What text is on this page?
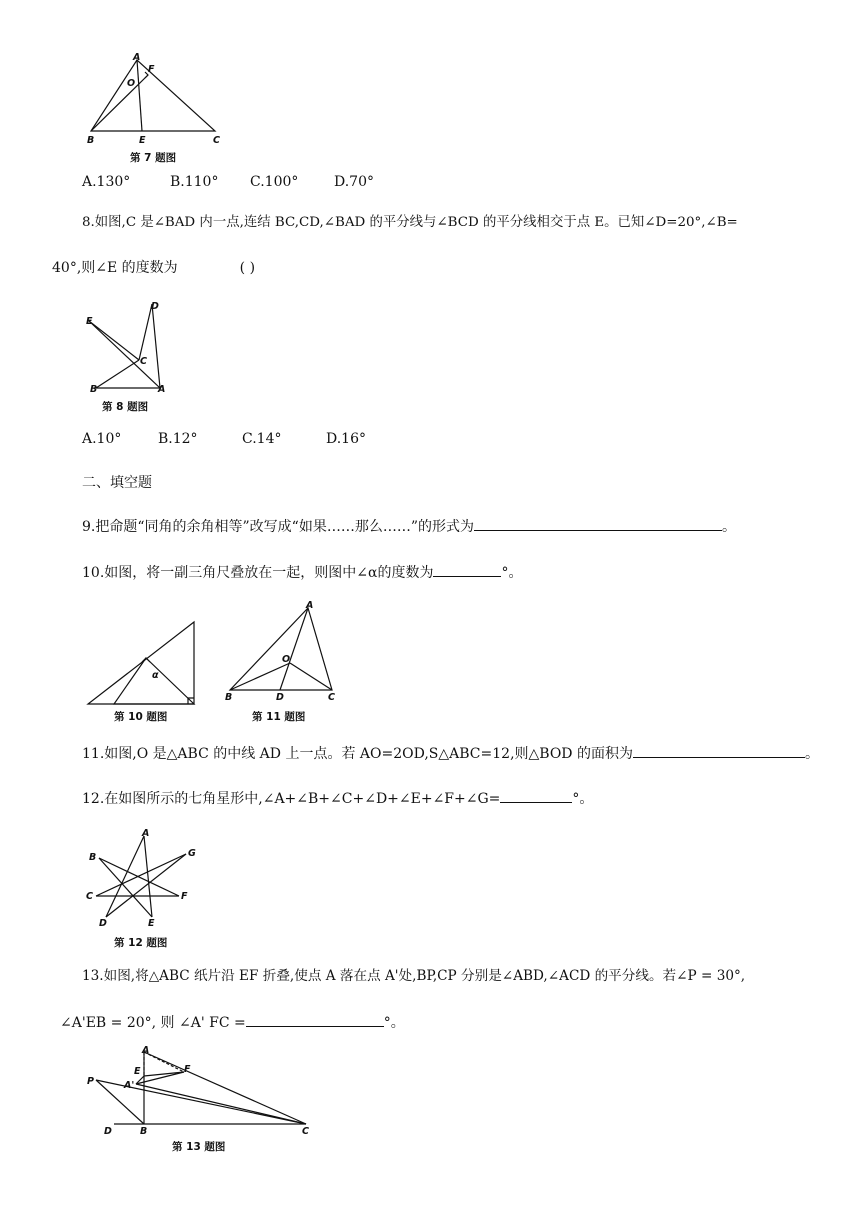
A
F
O
B	E	C
第 7 题图
A.130°	B.110° C.100°	D.70°
8.如图,C 是∠BAD 内一点,连结 BC,CD,∠BAD 的平分线与∠BCD 的平分线相交于点 E。已知∠D=20°,∠B=
40°,则∠E 的度数为	( )
D
E
C
B	A
第 8 题图
A.10°	B.12°	C.14°	D.16°
二、填空题
9.把命题“同角的余角相等”改写成“如果……那么……”的形式为	。
10.如图，将一副三角尺叠放在一起，则图中∠α的度数为	°。
α
第 10 题图
A
O
B	D	C
第 11 题图
11.如图,O 是△ABC 的中线 AD 上一点。若 AO=2OD,S△ABC=12,则△BOD 的面积为	。
12.在如图所示的七角星形中,∠A+∠B+∠C+∠D+∠E+∠F+∠G=	°。
A
B	G
C	F
D	E
第 12 题图
13.如图,将△ABC 纸片沿 EF 折叠,使点 A 落在点 A'处,BP,CP 分别是∠ABD,∠ACD 的平分线。若∠P = 30°,
∠A'EB = 20°, 则 ∠A' FC =	°。
A
E	F
P	A'
D	B	C
第 13 题图
